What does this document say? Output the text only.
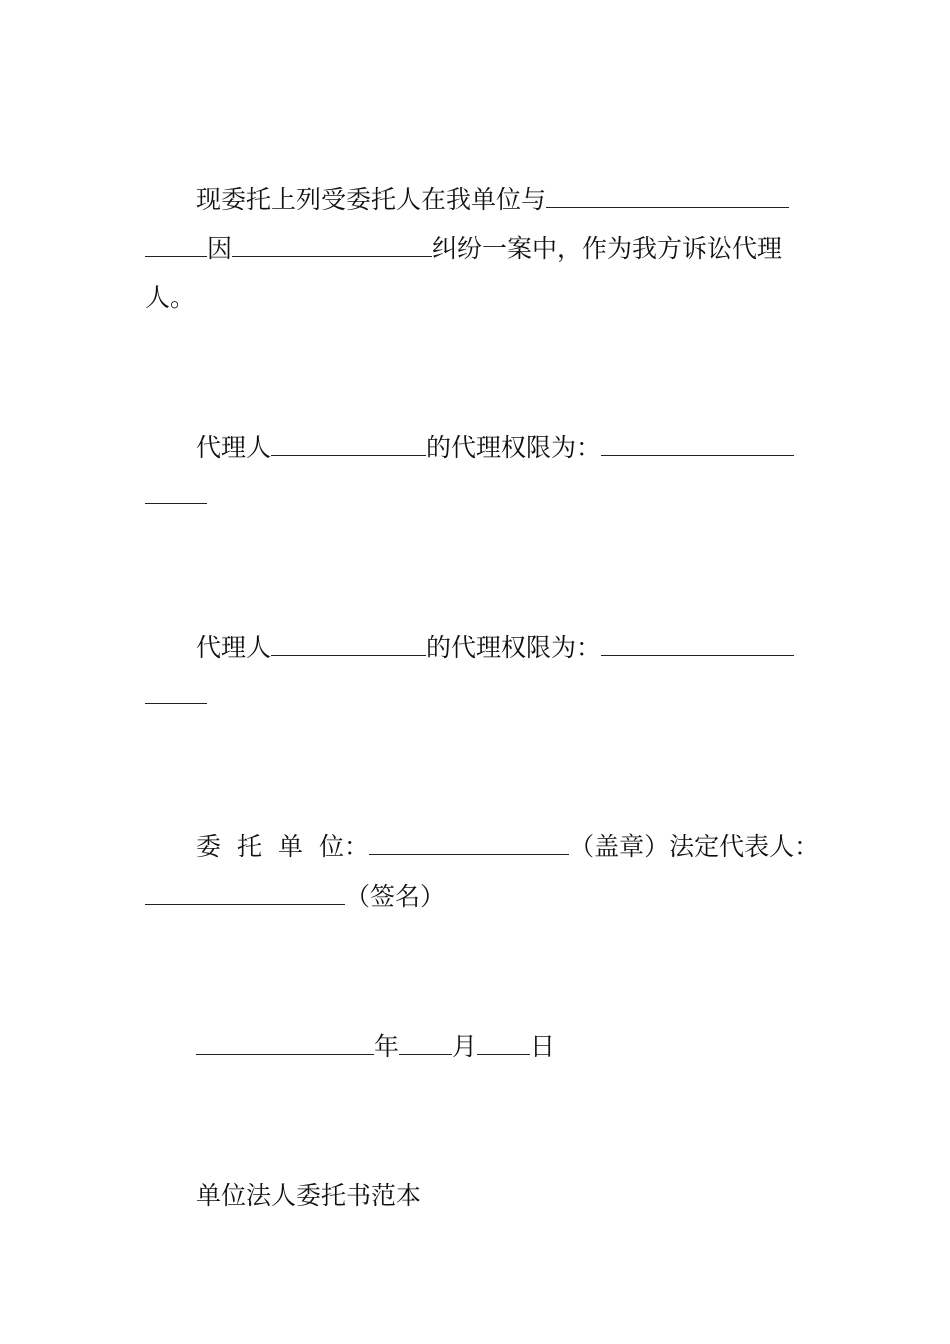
现委托上列受委托人在我单位与
因	纠纷一案中，作为我方诉讼代理
人。
代理人	的代理权限为：
代理人	的代理权限为：
委 托 单 位：	（盖章）法定代表人：
（签名）
年 月 日
单位法人委托书范本
